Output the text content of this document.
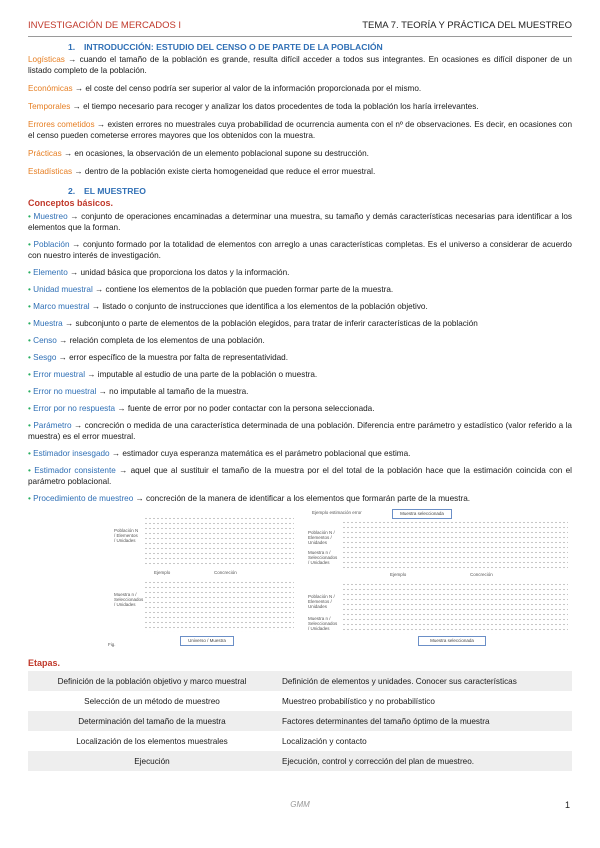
INVESTIGACIÓN DE MERCADOS I	TEMA 7. TEORÍA Y PRÁCTICA DEL MUESTREO
1. INTRODUCCIÓN: ESTUDIO DEL CENSO O DE PARTE DE LA POBLACIÓN
Logísticas → cuando el tamaño de la población es grande, resulta difícil acceder a todos sus integrantes. En ocasiones es difícil disponer de un listado completo de la población.
Económicas → el coste del censo podría ser superior al valor de la información proporcionada por el mismo.
Temporales → el tiempo necesario para recoger y analizar los datos procedentes de toda la población los haría irrelevantes.
Errores cometidos → existen errores no muestrales cuya probabilidad de ocurrencia aumenta con el nº de observaciones. Es decir, en ocasiones con el censo pueden cometerse errores mayores que los obtenidos con la muestra.
Prácticas → en ocasiones, la observación de un elemento poblacional supone su destrucción.
Estadísticas → dentro de la población existe cierta homogeneidad que reduce el error muestral.
2. EL MUESTREO
Conceptos básicos.
• Muestreo → conjunto de operaciones encaminadas a determinar una muestra, su tamaño y demás características necesarias para identificar a los elementos que la forman.
• Población → conjunto formado por la totalidad de elementos con arreglo a unas características completas. Es el universo a considerar de acuerdo con nuestro interés de investigación.
• Elemento → unidad básica que proporciona los datos y la información.
• Unidad muestral → contiene los elementos de la población que pueden formar parte de la muestra.
• Marco muestral → listado o conjunto de instrucciones que identifica a los elementos de la población objetivo.
• Muestra → subconjunto o parte de elementos de la población elegidos, para tratar de inferir características de la población
• Censo → relación completa de los elementos de una población.
• Sesgo → error específico de la muestra por falta de representatividad.
• Error muestral → imputable al estudio de una parte de la población o muestra.
• Error no muestral → no imputable al tamaño de la muestra.
• Error por no respuesta → fuente de error por no poder contactar con la persona seleccionada.
• Parámetro → concreción o medida de una característica determinada de una población. Diferencia entre parámetro y estadístico (valor referido a la muestra) es el error muestral.
• Estimador insesgado → estimador cuya esperanza matemática es el parámetro poblacional que estima.
• Estimador consistente → aquel que al sustituir el tamaño de la muestra por el del total de la población hace que la estimación coincida con el parámetro poblacional.
• Procedimiento de muestreo → concreción de la manera de identificar a los elementos que formarán parte de la muestra.
Población N / Elementos / Unidades
Ejemplo	Concreción
Muestra n / Seleccionados / Unidades
Universo / Muestra
Fig.
Ejemplo estimación error	Muestra seleccionada
Población N / Elementos / Unidades
Muestra n / Seleccionados / Unidades
Ejemplo	Concreción
Población N / Elementos / Unidades
Muestra n / Seleccionados / Unidades
Muestra seleccionada
Etapas.
Definición de la población objetivo y marco muestral	Definición de elementos y unidades. Conocer sus características
Selección de un método de muestreo	Muestreo probabilístico y no probabilístico
Determinación del tamaño de la muestra	Factores determinantes del tamaño óptimo de la muestra
Localización de los elementos muestrales	Localización y contacto
Ejecución	Ejecución, control y corrección del plan de muestreo.
GMM	1
